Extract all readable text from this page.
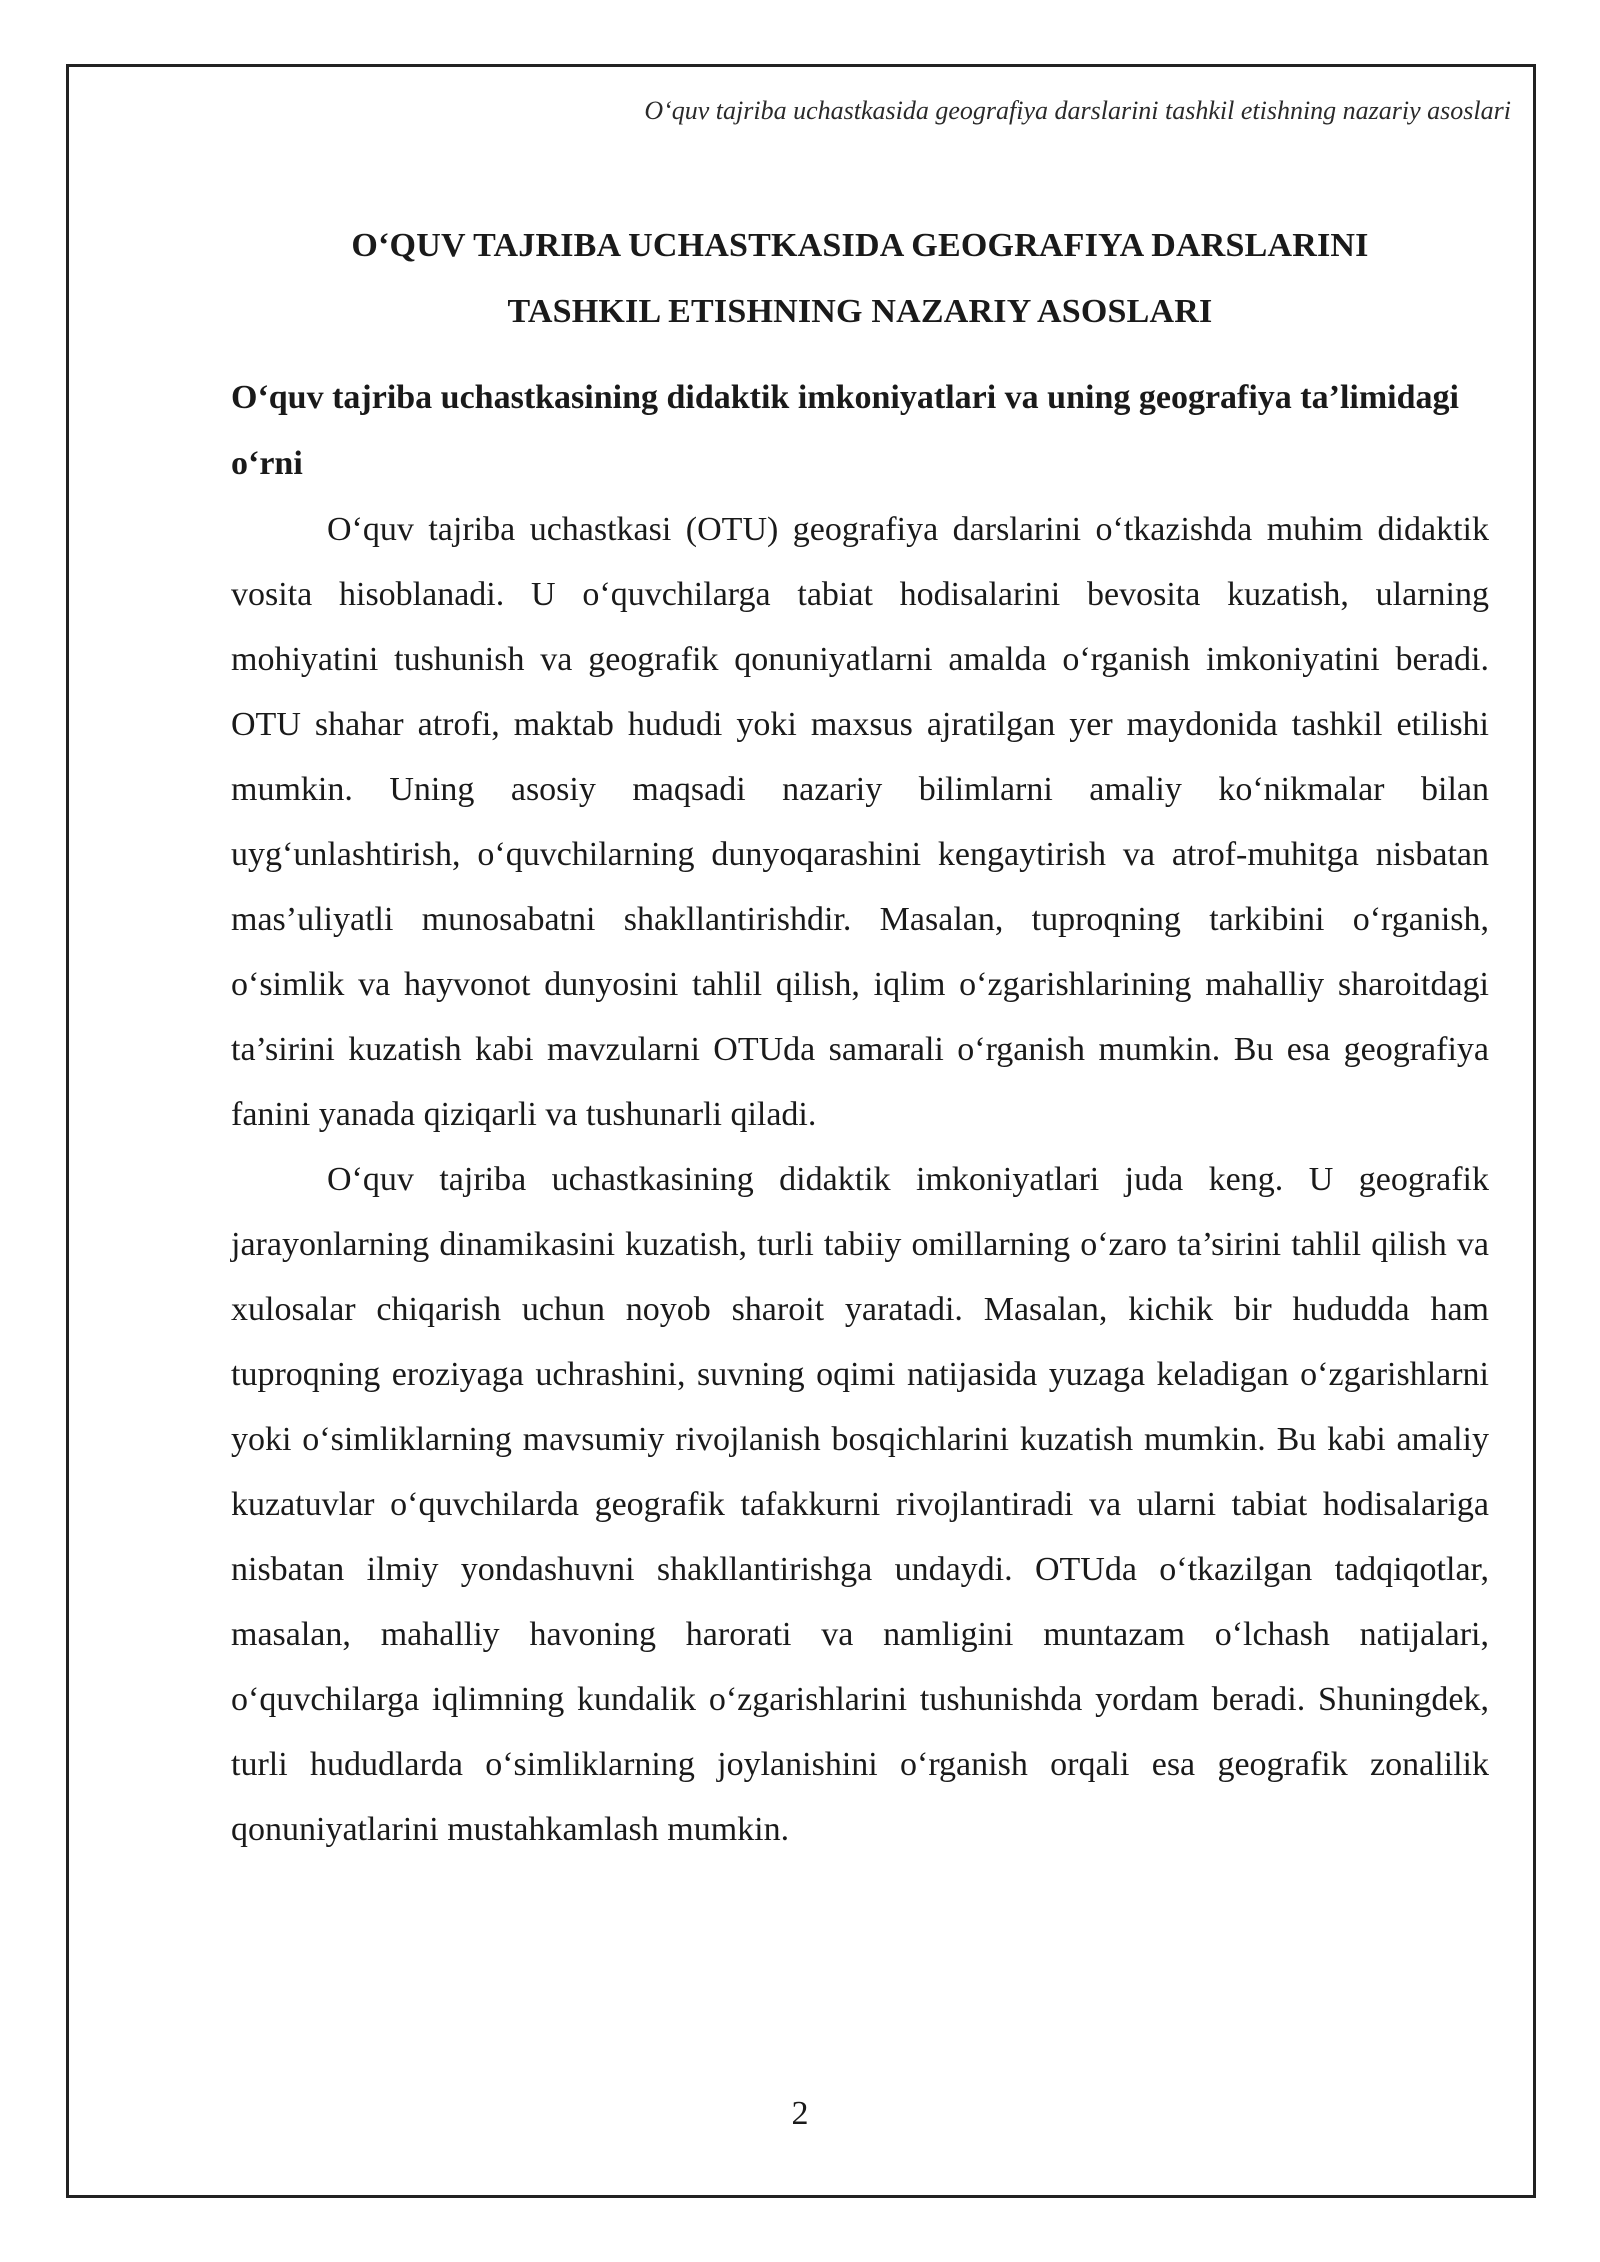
O‘quv tajriba uchastkasida geografiya darslarini tashkil etishning nazariy asoslari
O‘QUV TAJRIBA UCHASTKASIDA GEOGRAFIYA DARSLARINI
TASHKIL ETISHNING NAZARIY ASOSLARI
O‘quv tajriba uchastkasining didaktik imkoniyatlari va uning geografiya ta’limidagi o‘rni

O‘quv tajriba uchastkasi (OTU) geografiya darslarini o‘tkazishda muhim didaktik vosita hisoblanadi. U o‘quvchilarga tabiat hodisalarini bevosita kuzatish, ularning mohiyatini tushunish va geografik qonuniyatlarni amalda o‘rganish imkoniyatini beradi. OTU shahar atrofi, maktab hududi yoki maxsus ajratilgan yer maydonida tashkil etilishi mumkin. Uning asosiy maqsadi nazariy bilimlarni amaliy ko‘nikmalar bilan uyg‘unlashtirish, o‘quvchilarning dunyoqarashini kengaytirish va atrof-muhitga nisbatan mas’uliyatli munosabatni shakllantirishdir. Masalan, tuproqning tarkibini o‘rganish, o‘simlik va hayvonot dunyosini tahlil qilish, iqlim o‘zgarishlarining mahalliy sharoitdagi ta’sirini kuzatish kabi mavzularni OTUda samarali o‘rganish mumkin. Bu esa geografiya fanini yanada qiziqarli va tushunarli qiladi.

O‘quv tajriba uchastkasining didaktik imkoniyatlari juda keng. U geografik jarayonlarning dinamikasini kuzatish, turli tabiiy omillarning o‘zaro ta’sirini tahlil qilish va xulosalar chiqarish uchun noyob sharoit yaratadi. Masalan, kichik bir hududda ham tuproqning eroziyaga uchrashini, suvning oqimi natijasida yuzaga keladigan o‘zgarishlarni yoki o‘simliklarning mavsumiy rivojlanish bosqichlarini kuzatish mumkin. Bu kabi amaliy kuzatuvlar o‘quvchilarda geografik tafakkurni rivojlantiradi va ularni tabiat hodisalariga nisbatan ilmiy yondashuvni shakllantirishga undaydi. OTUda o‘tkazilgan tadqiqotlar, masalan, mahalliy havoning harorati va namligini muntazam o‘lchash natijalari, o‘quvchilarga iqlimning kundalik o‘zgarishlarini tushunishda yordam beradi. Shuningdek, turli hududlarda o‘simliklarning joylanishini o‘rganish orqali esa geografik zonalilik qonuniyatlarini mustahkamlash mumkin.

2
